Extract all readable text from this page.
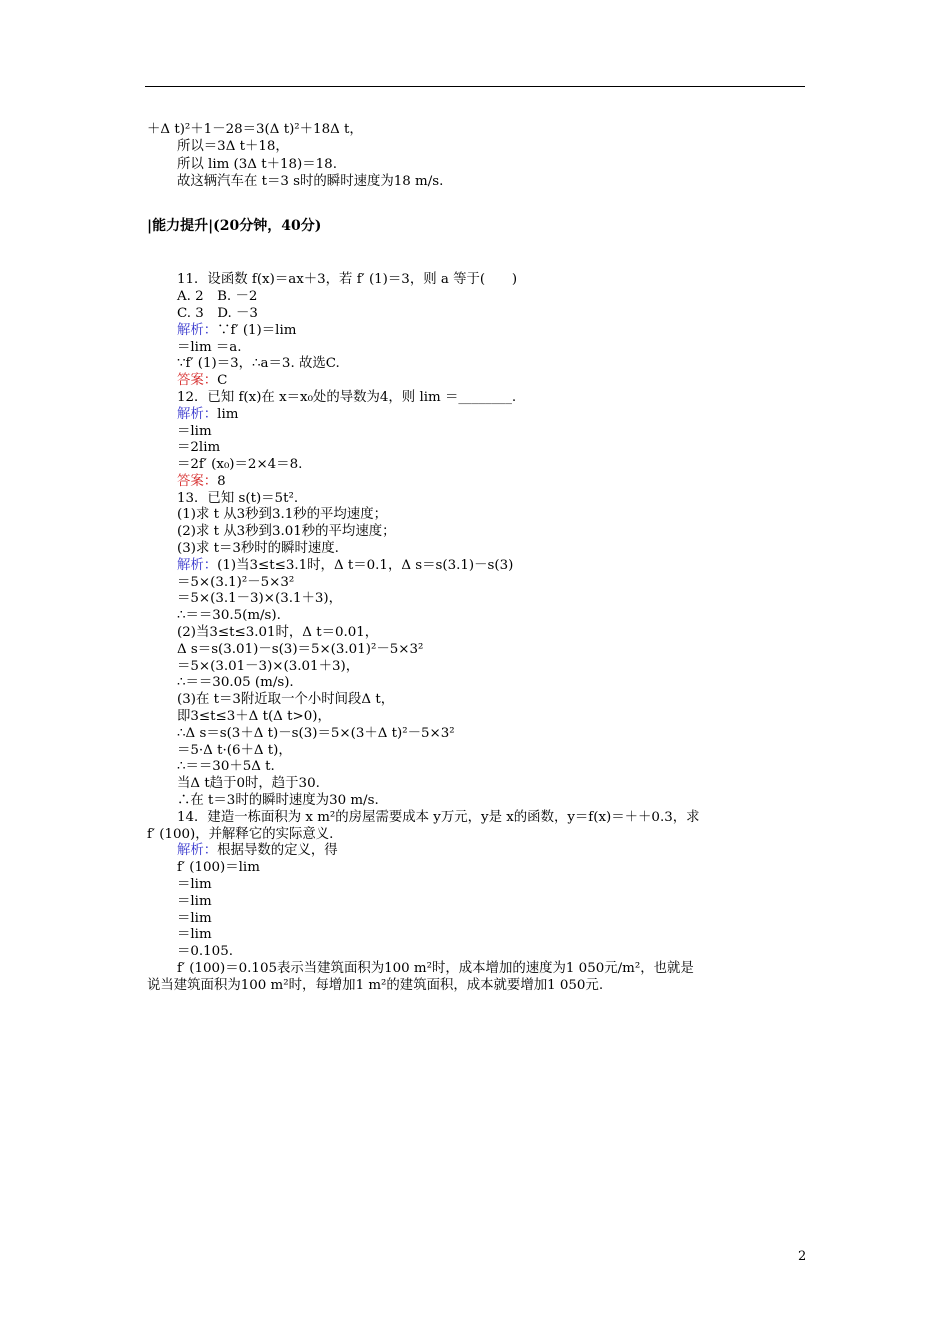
＋Δ t)²＋1－28＝3(Δ t)²＋18Δ t，
所以＝3Δ t＋18，
所以 lim (3Δ t＋18)＝18.
故这辆汽车在 t＝3 s时的瞬时速度为18 m/s.
|能力提升|(20分钟，40分)
11．设函数 f(x)＝ax＋3，若 f′ (1)＝3，则 a 等于(　　)
A. 2　B. －2
C. 3　D. －3
解析：∵f′ (1)＝lim
＝lim ＝a.
∵f′ (1)＝3，∴a＝3. 故选C.
答案：C
12．已知 f(x)在 x＝x₀处的导数为4，则 lim ＝________.
解析：lim
＝lim
＝2lim
＝2f′ (x₀)＝2×4＝8.
答案：8
13．已知 s(t)＝5t².
(1)求 t 从3秒到3.1秒的平均速度；
(2)求 t 从3秒到3.01秒的平均速度；
(3)求 t＝3秒时的瞬时速度.
解析：(1)当3≤t≤3.1时，Δ t＝0.1，Δ s＝s(3.1)－s(3)
＝5×(3.1)²－5×3²
＝5×(3.1－3)×(3.1＋3)，
∴＝＝30.5(m/s).
(2)当3≤t≤3.01时，Δ t＝0.01，
Δ s＝s(3.01)－s(3)＝5×(3.01)²－5×3²
＝5×(3.01－3)×(3.01＋3)，
∴＝＝30.05 (m/s).
(3)在 t＝3附近取一个小时间段Δ t，
即3≤t≤3＋Δ t(Δ t>0)，
∴Δ s＝s(3＋Δ t)－s(3)＝5×(3＋Δ t)²－5×3²
＝5·Δ t·(6＋Δ t)，
∴＝＝30＋5Δ t.
当Δ t趋于0时，趋于30.
∴在 t＝3时的瞬时速度为30 m/s.
14．建造一栋面积为 x m²的房屋需要成本 y万元，y是 x的函数，y＝f(x)＝＋＋0.3，求
f′ (100)，并解释它的实际意义.
解析：根据导数的定义，得
f′ (100)＝lim
＝lim
＝lim
＝lim
＝lim
＝0.105.
f′ (100)＝0.105表示当建筑面积为100 m²时，成本增加的速度为1 050元/m²，也就是
说当建筑面积为100 m²时，每增加1 m²的建筑面积，成本就要增加1 050元.
2
